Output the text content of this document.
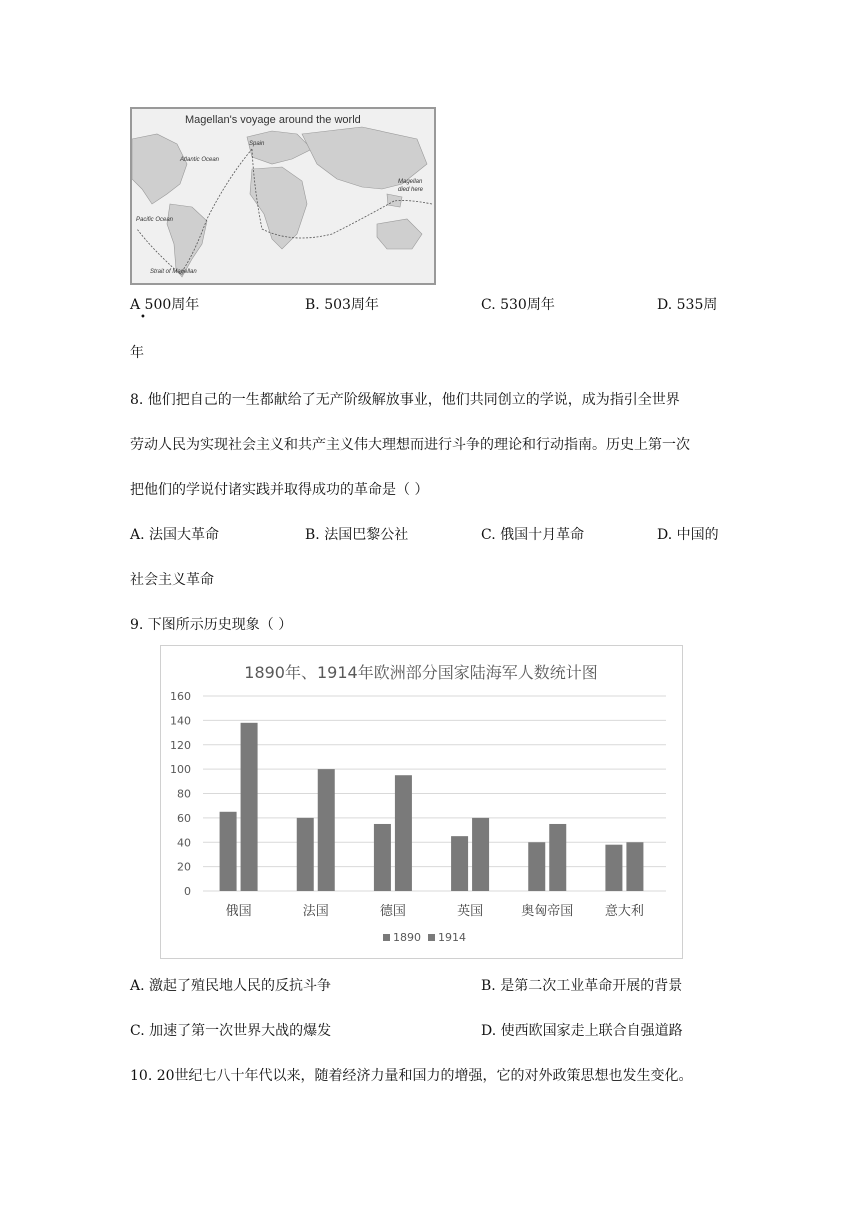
Magellan's voyage around the world
Atlantic Ocean
Spain
Pacific Ocean
Magellan
died here
Strait of Magellan
A 500周年	B. 503周年	C. 530周年	D. 535周
•
年
8. 他们把自己的一生都献给了无产阶级解放事业，他们共同创立的学说，成为指引全世界
劳动人民为实现社会主义和共产主义伟大理想而进行斗争的理论和行动指南。历史上第一次
把他们的学说付诸实践并取得成功的革命是（ ）
A. 法国大革命	B. 法国巴黎公社	C. 俄国十月革命	D. 中国的
社会主义革命
9. 下图所示历史现象（ ）
1890年、1914年欧洲部分国家陆海军人数统计图
0
20
40
60
80
100
120
140
160
俄国	法国	德国	英国	奥匈帝国 意大利
1890 1914
A. 激起了殖民地人民的反抗斗争	B. 是第二次工业革命开展的背景
C. 加速了第一次世界大战的爆发	D. 使西欧国家走上联合自强道路
10. 20世纪七八十年代以来，随着经济力量和国力的增强，它的对外政策思想也发生变化。
